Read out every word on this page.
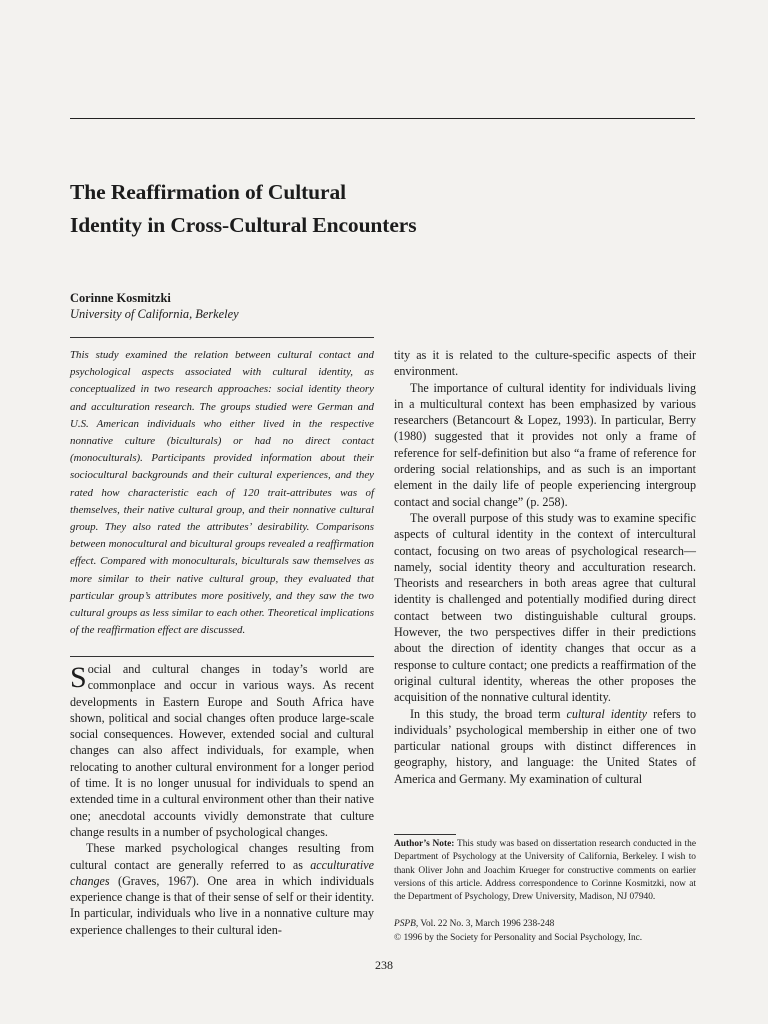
The Reaffirmation of Cultural
Identity in Cross-Cultural Encounters
Corinne Kosmitzki
University of California, Berkeley

This study examined the relation between cultural contact and psychological aspects associated with cultural identity, as conceptualized in two research approaches: social identity theory and acculturation research. The groups studied were German and U.S. American individuals who either lived in the respective nonnative culture (biculturals) or had no direct contact (monoculturals). Participants provided information about their sociocultural backgrounds and their cultural experiences, and they rated how characteristic each of 120 trait-attributes was of themselves, their native cultural group, and their nonnative cultural group. They also rated the attributes’ desirability. Comparisons between monocultural and bicultural groups revealed a reaffirmation effect. Compared with monoculturals, biculturals saw themselves as more similar to their native cultural group, they evaluated that particular group’s attributes more positively, and they saw the two cultural groups as less similar to each other. Theoretical implications of the reaffirmation effect are discussed.

Social and cultural changes in today’s world are commonplace and occur in various ways. As recent developments in Eastern Europe and South Africa have shown, political and social changes often produce large-scale social consequences. However, extended social and cultural changes can also affect individuals, for example, when relocating to another cultural environment for a longer period of time. It is no longer unusual for individuals to spend an extended time in a cultural environment other than their native one; anecdotal accounts vividly demonstrate that culture change results in a number of psychological changes.

These marked psychological changes resulting from cultural contact are generally referred to as acculturative changes (Graves, 1967). One area in which individuals experience change is that of their sense of self or their identity. In particular, individuals who live in a nonnative culture may experience challenges to their cultural iden-

tity as it is related to the culture-specific aspects of their environment.

The importance of cultural identity for individuals living in a multicultural context has been emphasized by various researchers (Betancourt & Lopez, 1993). In particular, Berry (1980) suggested that it provides not only a frame of reference for self-definition but also “a frame of reference for ordering social relationships, and as such is an important element in the daily life of people experiencing intergroup contact and social change” (p. 258).

The overall purpose of this study was to examine specific aspects of cultural identity in the context of intercultural contact, focusing on two areas of psychological research—namely, social identity theory and acculturation research. Theorists and researchers in both areas agree that cultural identity is challenged and potentially modified during direct contact between two distinguishable cultural groups. However, the two perspectives differ in their predictions about the direction of identity changes that occur as a response to culture contact; one predicts a reaffirmation of the original cultural identity, whereas the other proposes the acquisition of the nonnative cultural identity.

In this study, the broad term cultural identity refers to individuals’ psychological membership in either one of two particular national groups with distinct differences in geography, history, and language: the United States of America and Germany. My examination of cultural

Author’s Note: This study was based on dissertation research conducted in the Department of Psychology at the University of California, Berkeley. I wish to thank Oliver John and Joachim Krueger for constructive comments on earlier versions of this article. Address correspondence to Corinne Kosmitzki, now at the Department of Psychology, Drew University, Madison, NJ 07940.

PSPB, Vol. 22 No. 3, March 1996 238-248
© 1996 by the Society for Personality and Social Psychology, Inc.
238
